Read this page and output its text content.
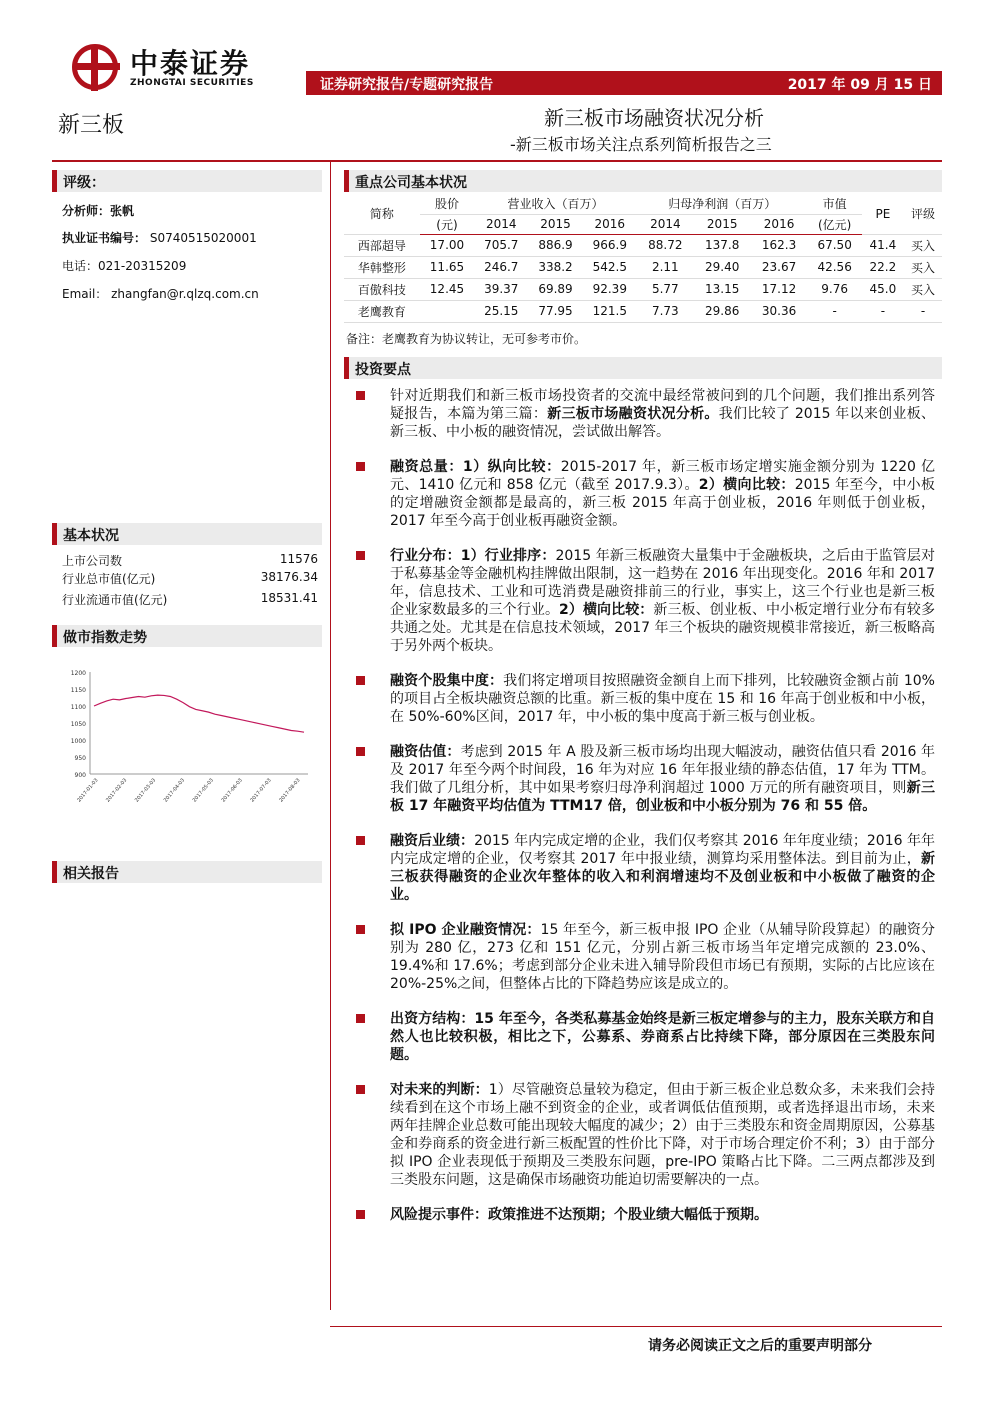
中泰证券
ZHONGTAI SECURITIES	证券研究报告/专题研究报告	2017 年 09 月 15 日
新三板	新三板市场融资状况分析
-新三板市场关注点系列简析报告之三
评级：
分析师：张帆
执业证书编号： S0740515020001
电话：021-20315209
Email： zhangfan@r.qlzq.com.cn
基本状况
上市公司数	11576
行业总市值(亿元)	38176.34
行业流通市值(亿元)	18531.41
做市指数走势
1200
1150
1100
1050
1000
950
900
2017-01-03 2017-02-03 2017-03-03 2017-04-03 2017-05-03 2017-06-03 2017-07-03 2017-08-03
相关报告
重点公司基本状况
简称	股价	营业收入（百万）			归母净利润（百万）			市值	PE	评级
	(元)	2014	2015	2016	2014	2015	2016	(亿元)		
西部超导	17.00	705.7	886.9	966.9	88.72	137.8	162.3	67.50	41.4	买入
华韩整形	11.65	246.7	338.2	542.5	2.11	29.40	23.67	42.56	22.2	买入
百傲科技	12.45	39.37	69.89	92.39	5.77	13.15	17.12	9.76	45.0	买入
老鹰教育		25.15	77.95	121.5	7.73	29.86	30.36	-	-	-
备注：老鹰教育为协议转让，无可参考市价。
投资要点
针对近期我们和新三板市场投资者的交流中最经常被问到的几个问题，我们推出系列答疑报告，本篇为第三篇：新三板市场融资状况分析。我们比较了 2015 年以来创业板、新三板、中小板的融资情况，尝试做出解答。
融资总量：1）纵向比较：2015-2017 年，新三板市场定增实施金额分别为 1220 亿元、1410 亿元和 858 亿元（截至 2017.9.3）。2）横向比较：2015 年至今，中小板的定增融资金额都是最高的，新三板 2015 年高于创业板，2016 年则低于创业板，2017 年至今高于创业板再融资金额。
行业分布：1）行业排序：2015 年新三板融资大量集中于金融板块，之后由于监管层对于私募基金等金融机构挂牌做出限制，这一趋势在 2016 年出现变化。2016 年和 2017 年，信息技术、工业和可选消费是融资排前三的行业，事实上，这三个行业也是新三板企业家数最多的三个行业。2）横向比较：新三板、创业板、中小板定增行业分布有较多共通之处。尤其是在信息技术领域，2017 年三个板块的融资规模非常接近，新三板略高于另外两个板块。
融资个股集中度：我们将定增项目按照融资金额自上而下排列，比较融资金额占前 10%的项目占全板块融资总额的比重。新三板的集中度在 15 和 16 年高于创业板和中小板，在 50%-60%区间，2017 年，中小板的集中度高于新三板与创业板。
融资估值：考虑到 2015 年 A 股及新三板市场均出现大幅波动，融资估值只看 2016 年及 2017 年至今两个时间段，16 年为对应 16 年年报业绩的静态估值，17 年为 TTM。我们做了几组分析，其中如果考察归母净利润超过 1000 万元的所有融资项目，则新三板 17 年融资平均估值为 TTM17 倍，创业板和中小板分别为 76 和 55 倍。
融资后业绩：2015 年内完成定增的企业，我们仅考察其 2016 年年度业绩；2016 年年内完成定增的企业，仅考察其 2017 年中报业绩，测算均采用整体法。到目前为止，新三板获得融资的企业次年整体的收入和利润增速均不及创业板和中小板做了融资的企业。
拟 IPO 企业融资情况：15 年至今，新三板申报 IPO 企业（从辅导阶段算起）的融资分别为 280 亿，273 亿和 151 亿元，分别占新三板市场当年定增完成额的 23.0%、19.4%和 17.6%；考虑到部分企业未进入辅导阶段但市场已有预期，实际的占比应该在 20%-25%之间，但整体占比的下降趋势应该是成立的。
出资方结构：15 年至今，各类私募基金始终是新三板定增参与的主力，股东关联方和自然人也比较积极，相比之下，公募系、券商系占比持续下降，部分原因在三类股东问题。
对未来的判断：1）尽管融资总量较为稳定，但由于新三板企业总数众多，未来我们会持续看到在这个市场上融不到资金的企业，或者调低估值预期，或者选择退出市场，未来两年挂牌企业总数可能出现较大幅度的减少；2）由于三类股东和资金周期原因，公募基金和券商系的资金进行新三板配置的性价比下降，对于市场合理定价不利；3）由于部分拟 IPO 企业表现低于预期及三类股东问题，pre-IPO 策略占比下降。二三两点都涉及到三类股东问题，这是确保市场融资功能迫切需要解决的一点。
风险提示事件：政策推进不达预期；个股业绩大幅低于预期。
请务必阅读正文之后的重要声明部分
